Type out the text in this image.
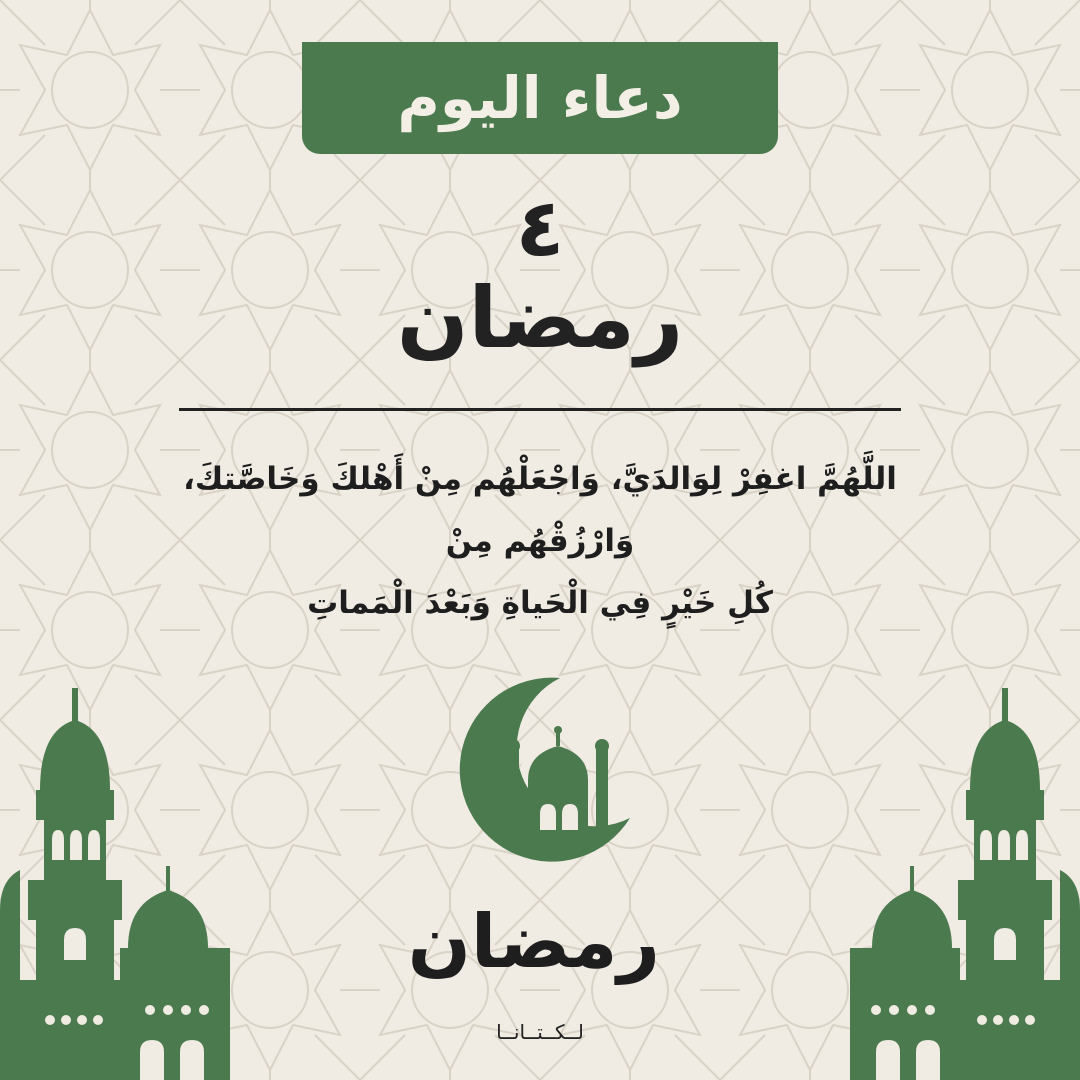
دعاء اليوم
٤
رمضان
اللَّهُمَّ اغفِرْ لِوَالدَيَّ، وَاجْعَلْهُم مِنْ أَهْلكَ وَخَاصَّتكَ، وَارْزُقْهُم مِنْ
كُلِ خَيْرٍ فِي الْحَياةِ وَبَعْدَ الْمَماتِ
رمضان
لــكــتــانــا
